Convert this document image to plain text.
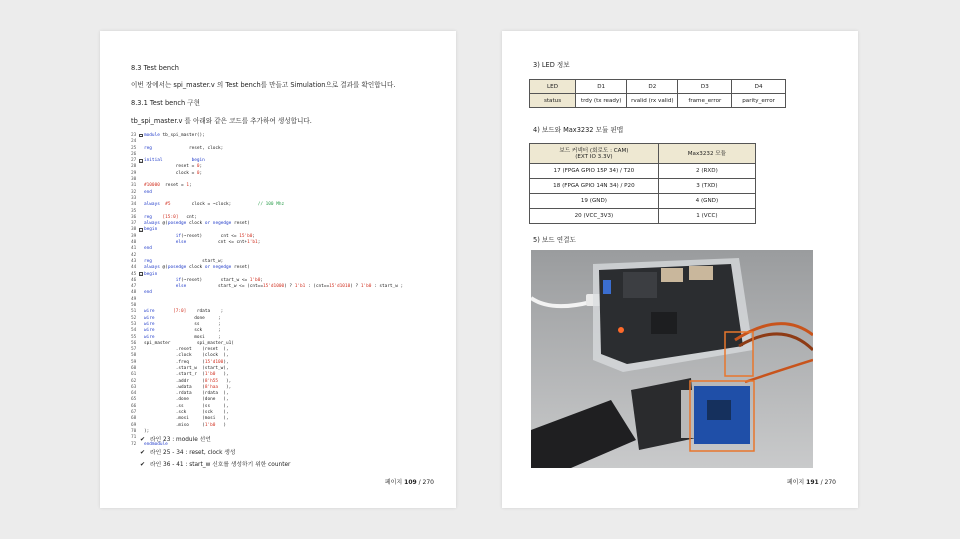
8.3 Test bench
이번 장에서는 spi_master.v 의 Test bench를 만들고 Simulation으로 결과를 확인합니다.
8.3.1 Test bench 구현
tb_spi_master.v 를 아래와 같은 코드를 추가하여 생성합니다.
23	− module tb_spi_master();
24
25 reg              reset, clock;
26
27	− initial	begin
28 reset = 0;
29 clock = 0;
30
31 #10000  reset = 1;
32 end
33
34 always #5        clock = ~clock;          // 100 Mhz
35
36 reg [15:0]   cnt;
37 always @(posedge clock or negedge reset)
38	− begin
39	if(~reset)       cnt <= 15'b0;
40	else            cnt <= cnt+1'b1;
41 end
42
43 reg                   start_w;
44 always @(posedge clock or negedge reset)
45	− begin
46	if(~reset)       start_w <= 1'b0;
47	else            start_w <= (cnt==15'd1000) ? 1'b1 : (cnt==15'd1010) ? 1'b0 : start_w ;
48 end
49
50
51 wire	[7:0]    rdata    ;
52 wire               done     ;
53 wire               ss       ;
54 wire               sck      ;
55 wire               mosi     ;
56 spi_master          spi_master_u1(
57 .reset    (reset  ),
58 .clock    (clock  ),
59 .freq     (15'd100),
60 .start_w  (start_w),
61 .start_r  (1'b0   ),
62 .addr     (8'h55   ),
63 .wdata    (8'haa   ),
64 .rdata    (rdata  ),
65 .done     (done   ),
66 .ss       (ss     ),
67 .sck      (sck    ),
68 .mosi     (mosi   ),
69 .miso     (1'b0   )
70 );
71
72 endmodule
✔ 라인 23 : module 선언
✔ 라인 25 - 34 : reset, clock 생성
✔ 라인 36 - 41 : start_w 신호를 생성하기 위한 counter
페이지 109 / 270
3) LED 정보
LED	D1	D2	D3	D4
status	trdy (tx ready)	rvalid (rx valid)	frame_error	parity_error
4) 보드와 Max3232 모듈 핀맵
보드 커넥터 (회로도 : CAM)
(EXT IO 3.3V)	Max3232 모듈
17 (FPGA GPIO 15P 34) / T20	2 (RXD)
18 (FPGA GPIO 14N 34) / P20	3 (TXD)
19 (GND)	4 (GND)
20 (VCC_3V3)	1 (VCC)
5) 보드 연결도
페이지 191 / 270
